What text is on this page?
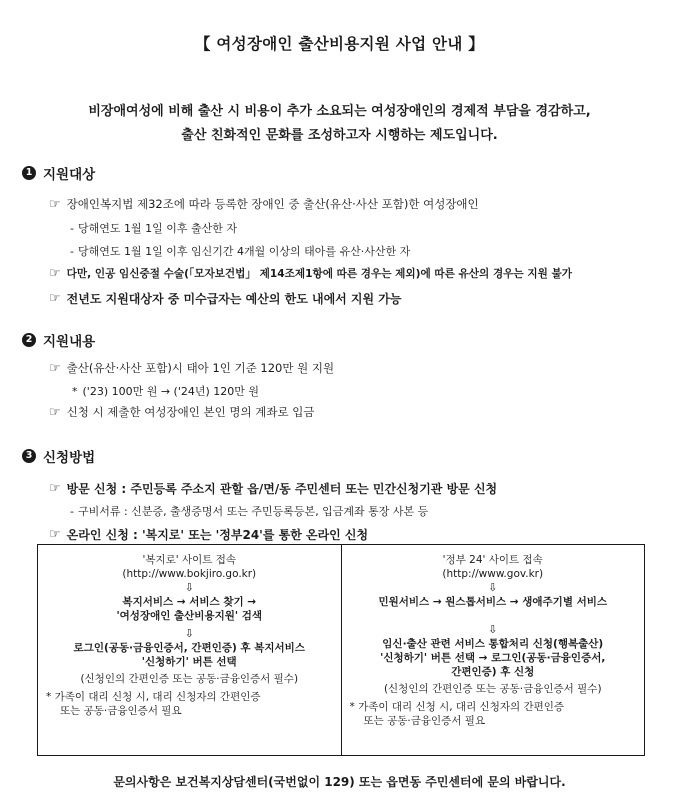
【 여성장애인 출산비용지원 사업 안내 】
비장애여성에 비해 출산 시 비용이 추가 소요되는 여성장애인의 경제적 부담을 경감하고,
출산 친화적인 문화를 조성하고자 시행하는 제도입니다.
1 지원대상
☞ 장애인복지법 제32조에 따라 등록한 장애인 중 출산(유산·사산 포함)한 여성장애인
- 당해연도 1월 1일 이후 출산한 자
- 당해연도 1월 1일 이후 임신기간 4개월 이상의 태아를 유산·사산한 자
☞ 다만, 인공 임신중절 수술(「모자보건법」 제14조제1항에 따른 경우는 제외)에 따른 유산의 경우는 지원 불가
☞ 전년도 지원대상자 중 미수급자는 예산의 한도 내에서 지원 가능
2 지원내용
☞ 출산(유산·사산 포함)시 태아 1인 기준 120만 원 지원
* ('23) 100만 원 → ('24년) 120만 원
☞ 신청 시 제출한 여성장애인 본인 명의 계좌로 입금
3 신청방법
☞ 방문 신청 : 주민등록 주소지 관할 읍/면/동 주민센터 또는 민간신청기관 방문 신청
- 구비서류 : 신분증, 출생증명서 또는 주민등록등본, 입금계좌 통장 사본 등
☞ 온라인 신청 : '복지로' 또는 '정부24'를 통한 온라인 신청
'복지로' 사이트 접속
(http://www.bokjiro.go.kr)
⇩
복지서비스 → 서비스 찾기 →
'여성장애인 출산비용지원' 검색
⇩
로그인(공동·금융인증서, 간편인증) 후 복지서비스
'신청하기' 버튼 선택
(신청인의 간편인증 또는 공동·금융인증서 필수)
* 가족이 대리 신청 시, 대리 신청자의 간편인증
또는 공동·금융인증서 필요
'정부 24' 사이트 접속
(http://www.gov.kr)
⇩
민원서비스 → 원스톱서비스 → 생애주기별 서비스
⇩
임신·출산 관련 서비스 통합처리 신청(행복출산)
'신청하기' 버튼 선택 → 로그인(공동·금융인증서,
간편인증) 후 신청
(신청인의 간편인증 또는 공동·금융인증서 필수)
* 가족이 대리 신청 시, 대리 신청자의 간편인증
또는 공동·금융인증서 필요
문의사항은 보건복지상담센터(국번없이 129) 또는 읍면동 주민센터에 문의 바랍니다.
